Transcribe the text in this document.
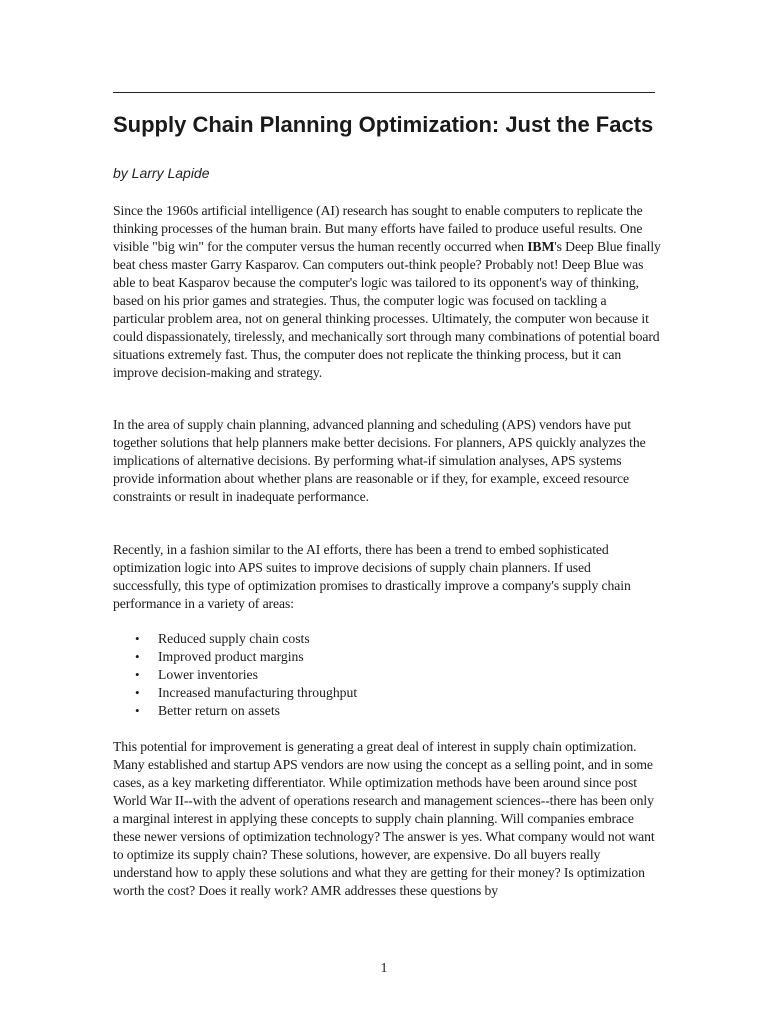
Supply Chain Planning Optimization: Just the Facts

by Larry Lapide

Since the 1960s artificial intelligence (AI) research has sought to enable computers to replicate the thinking processes of the human brain. But many efforts have failed to produce useful results. One visible "big win" for the computer versus the human recently occurred when IBM's Deep Blue finally beat chess master Garry Kasparov. Can computers out-think people? Probably not! Deep Blue was able to beat Kasparov because the computer's logic was tailored to its opponent's way of thinking, based on his prior games and strategies. Thus, the computer logic was focused on tackling a particular problem area, not on general thinking processes. Ultimately, the computer won because it could dispassionately, tirelessly, and mechanically sort through many combinations of potential board situations extremely fast. Thus, the computer does not replicate the thinking process, but it can improve decision-making and strategy.

In the area of supply chain planning, advanced planning and scheduling (APS) vendors have put together solutions that help planners make better decisions. For planners, APS quickly analyzes the implications of alternative decisions. By performing what-if simulation analyses, APS systems provide information about whether plans are reasonable or if they, for example, exceed resource constraints or result in inadequate performance.

Recently, in a fashion similar to the AI efforts, there has been a trend to embed sophisticated optimization logic into APS suites to improve decisions of supply chain planners. If used successfully, this type of optimization promises to drastically improve a company's supply chain performance in a variety of areas:

• Reduced supply chain costs
• Improved product margins
• Lower inventories
• Increased manufacturing throughput
• Better return on assets

This potential for improvement is generating a great deal of interest in supply chain optimization. Many established and startup APS vendors are now using the concept as a selling point, and in some cases, as a key marketing differentiator. While optimization methods have been around since post World War II--with the advent of operations research and management sciences--there has been only a marginal interest in applying these concepts to supply chain planning. Will companies embrace these newer versions of optimization technology? The answer is yes. What company would not want to optimize its supply chain? These solutions, however, are expensive. Do all buyers really understand how to apply these solutions and what they are getting for their money? Is optimization worth the cost? Does it really work? AMR addresses these questions by

1
